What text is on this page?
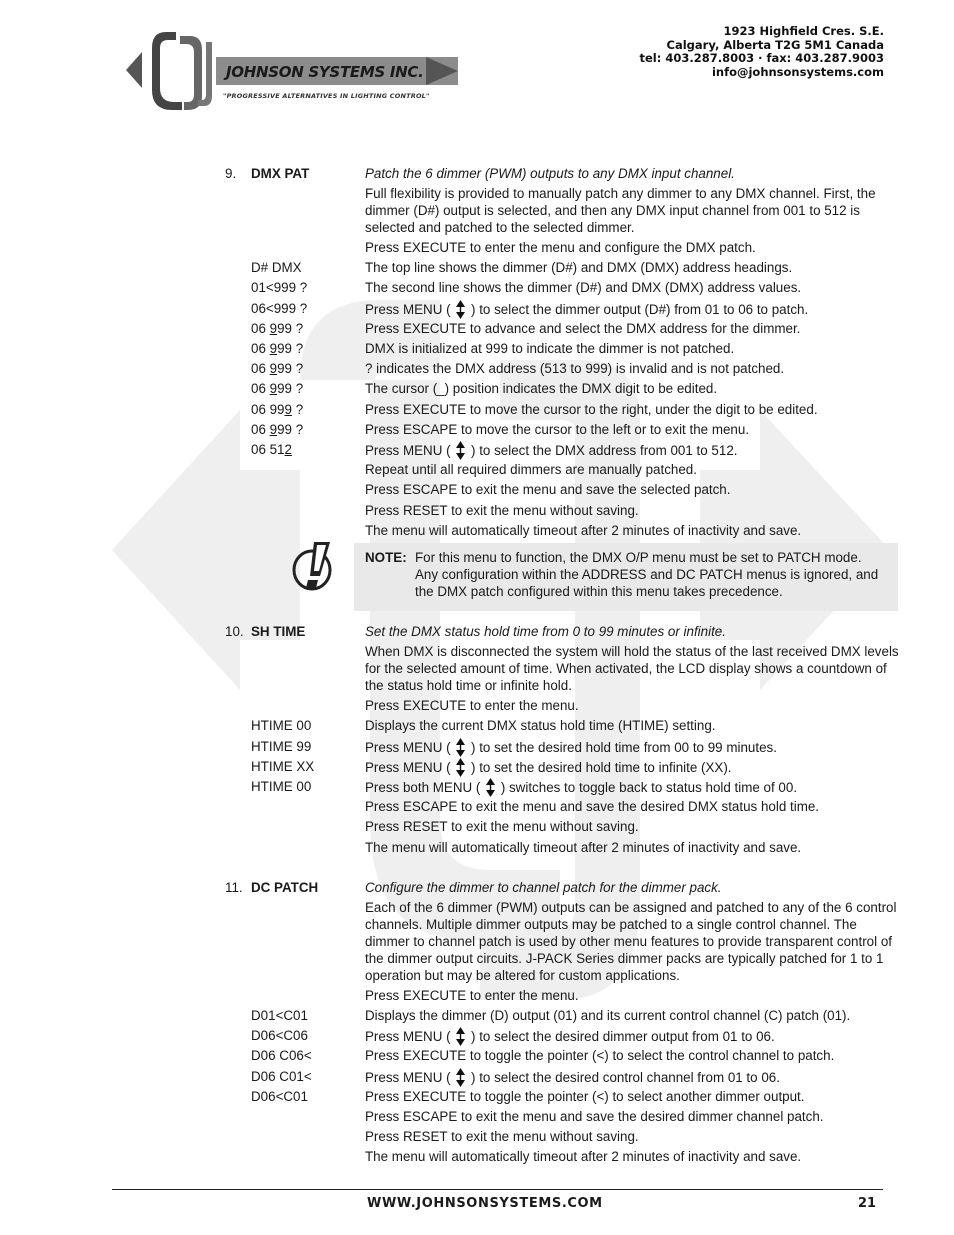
JOHNSON SYSTEMS INC.
"PROGRESSIVE ALTERNATIVES IN LIGHTING CONTROL"
1923 Highfield Cres. S.E.
Calgary, Alberta T2G 5M1 Canada
tel: 403.287.8003 · fax: 403.287.9003
info@johnsonsystems.com
9. DMX PAT	Patch the 6 dimmer (PWM) outputs to any DMX input channel.
Full flexibility is provided to manually patch any dimmer to any DMX channel. First, the dimmer (D#) output is selected, and then any DMX input channel from 001 to 512 is selected and patched to the selected dimmer.
Press EXECUTE to enter the menu and configure the DMX patch.
D# DMX	The top line shows the dimmer (D#) and DMX (DMX) address headings.
01<999 ?	The second line shows the dimmer (D#) and DMX (DMX) address values.
06<999 ?	Press MENU ( ) to select the dimmer output (D#) from 01 to 06 to patch.
06 999 ?	Press EXECUTE to advance and select the DMX address for the dimmer.
06 999 ?	DMX is initialized at 999 to indicate the dimmer is not patched.
06 999 ?	? indicates the DMX address (513 to 999) is invalid and is not patched.
06 999 ?	The cursor (_) position indicates the DMX digit to be edited.
06 999 ?	Press EXECUTE to move the cursor to the right, under the digit to be edited.
06 999 ?	Press ESCAPE to move the cursor to the left or to exit the menu.
06 512	Press MENU ( ) to select the DMX address from 001 to 512.
Repeat until all required dimmers are manually patched.
Press ESCAPE to exit the menu and save the selected patch.
Press RESET to exit the menu without saving.
The menu will automatically timeout after 2 minutes of inactivity and save.
NOTE: For this menu to function, the DMX O/P menu must be set to PATCH mode. Any configuration within the ADDRESS and DC PATCH menus is ignored, and the DMX patch configured within this menu takes precedence.
10. SH TIME	Set the DMX status hold time from 0 to 99 minutes or infinite.
When DMX is disconnected the system will hold the status of the last received DMX levels for the selected amount of time. When activated, the LCD display shows a countdown of the status hold time or infinite hold.
Press EXECUTE to enter the menu.
HTIME 00	Displays the current DMX status hold time (HTIME) setting.
HTIME 99	Press MENU ( ) to set the desired hold time from 00 to 99 minutes.
HTIME XX	Press MENU ( ) to set the desired hold time to infinite (XX).
HTIME 00	Press both MENU ( ) switches to toggle back to status hold time of 00.
Press ESCAPE to exit the menu and save the desired DMX status hold time.
Press RESET to exit the menu without saving.
The menu will automatically timeout after 2 minutes of inactivity and save.
11. DC PATCH	Configure the dimmer to channel patch for the dimmer pack.
Each of the 6 dimmer (PWM) outputs can be assigned and patched to any of the 6 control channels. Multiple dimmer outputs may be patched to a single control channel. The dimmer to channel patch is used by other menu features to provide transparent control of the dimmer output circuits. J-PACK Series dimmer packs are typically patched for 1 to 1 operation but may be altered for custom applications.
Press EXECUTE to enter the menu.
D01<C01	Displays the dimmer (D) output (01) and its current control channel (C) patch (01).
D06<C06	Press MENU ( ) to select the desired dimmer output from 01 to 06.
D06 C06<	Press EXECUTE to toggle the pointer (<) to select the control channel to patch.
D06 C01<	Press MENU ( ) to select the desired control channel from 01 to 06.
D06<C01	Press EXECUTE to toggle the pointer (<) to select another dimmer output.
Press ESCAPE to exit the menu and save the desired dimmer channel patch.
Press RESET to exit the menu without saving.
The menu will automatically timeout after 2 minutes of inactivity and save.
WWW.JOHNSONSYSTEMS.COM	21
